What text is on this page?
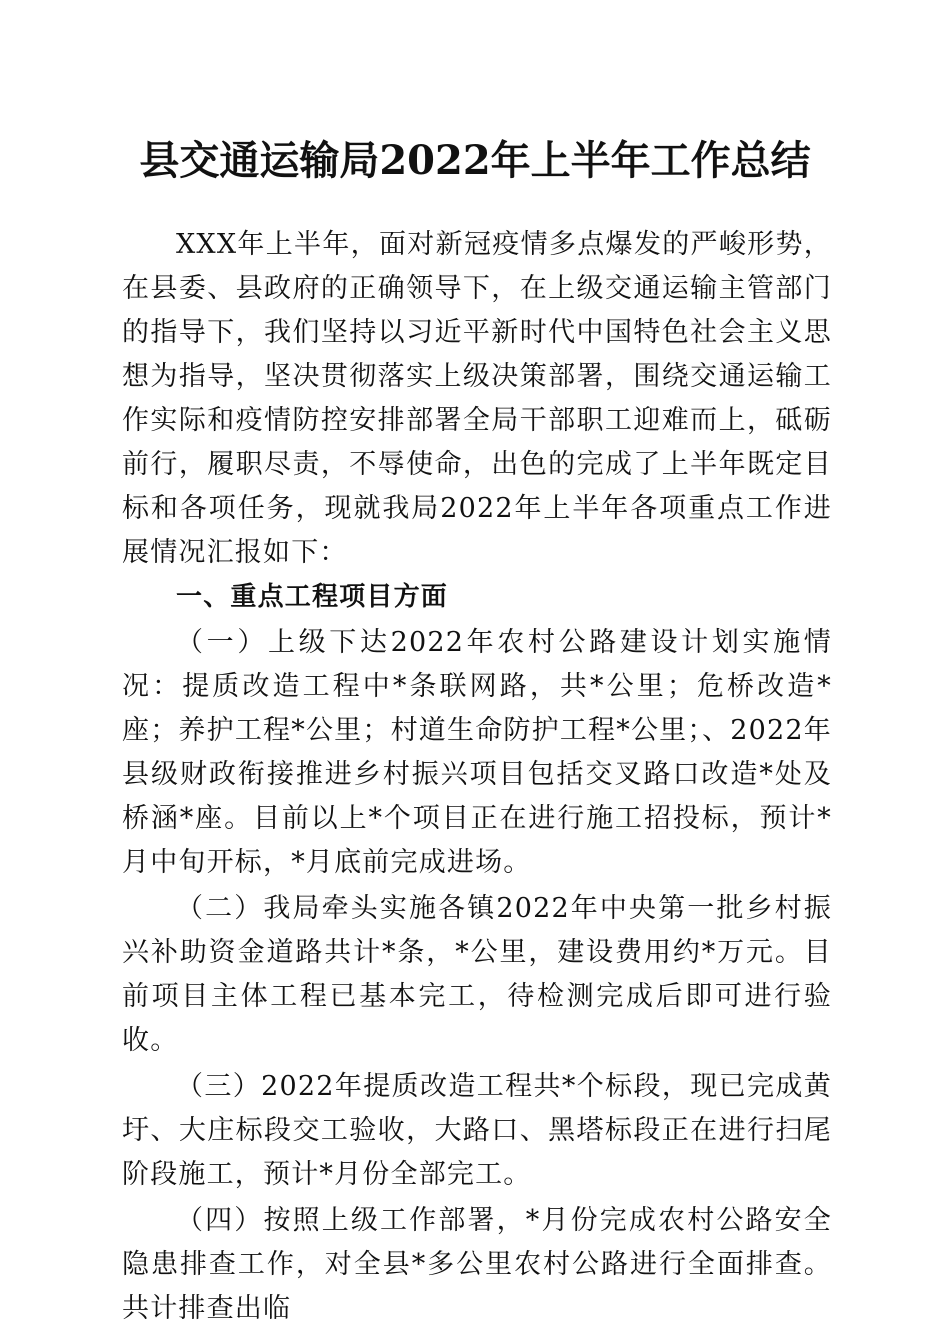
县交通运输局2022年上半年工作总结

XXX年上半年，面对新冠疫情多点爆发的严峻形势，在县委、县政府的正确领导下，在上级交通运输主管部门的指导下，我们坚持以习近平新时代中国特色社会主义思想为指导，坚决贯彻落实上级决策部署，围绕交通运输工作实际和疫情防控安排部署全局干部职工迎难而上，砥砺前行，履职尽责，不辱使命，出色的完成了上半年既定目标和各项任务，现就我局2022年上半年各项重点工作进展情况汇报如下：

一、重点工程项目方面

（一）上级下达2022年农村公路建设计划实施情况：提质改造工程中*条联网路，共*公里；危桥改造*座；养护工程*公里；村道生命防护工程*公里；、2022年县级财政衔接推进乡村振兴项目包括交叉路口改造*处及桥涵*座。目前以上*个项目正在进行施工招投标，预计*月中旬开标，*月底前完成进场。

（二）我局牵头实施各镇2022年中央第一批乡村振兴补助资金道路共计*条，*公里，建设费用约*万元。目前项目主体工程已基本完工，待检测完成后即可进行验收。

（三）2022年提质改造工程共*个标段，现已完成黄圩、大庄标段交工验收，大路口、黑塔标段正在进行扫尾阶段施工，预计*月份全部完工。

（四）按照上级工作部署，*月份完成农村公路安全隐患排查工作，对全县*多公里农村公路进行全面排查。共计排查出临
